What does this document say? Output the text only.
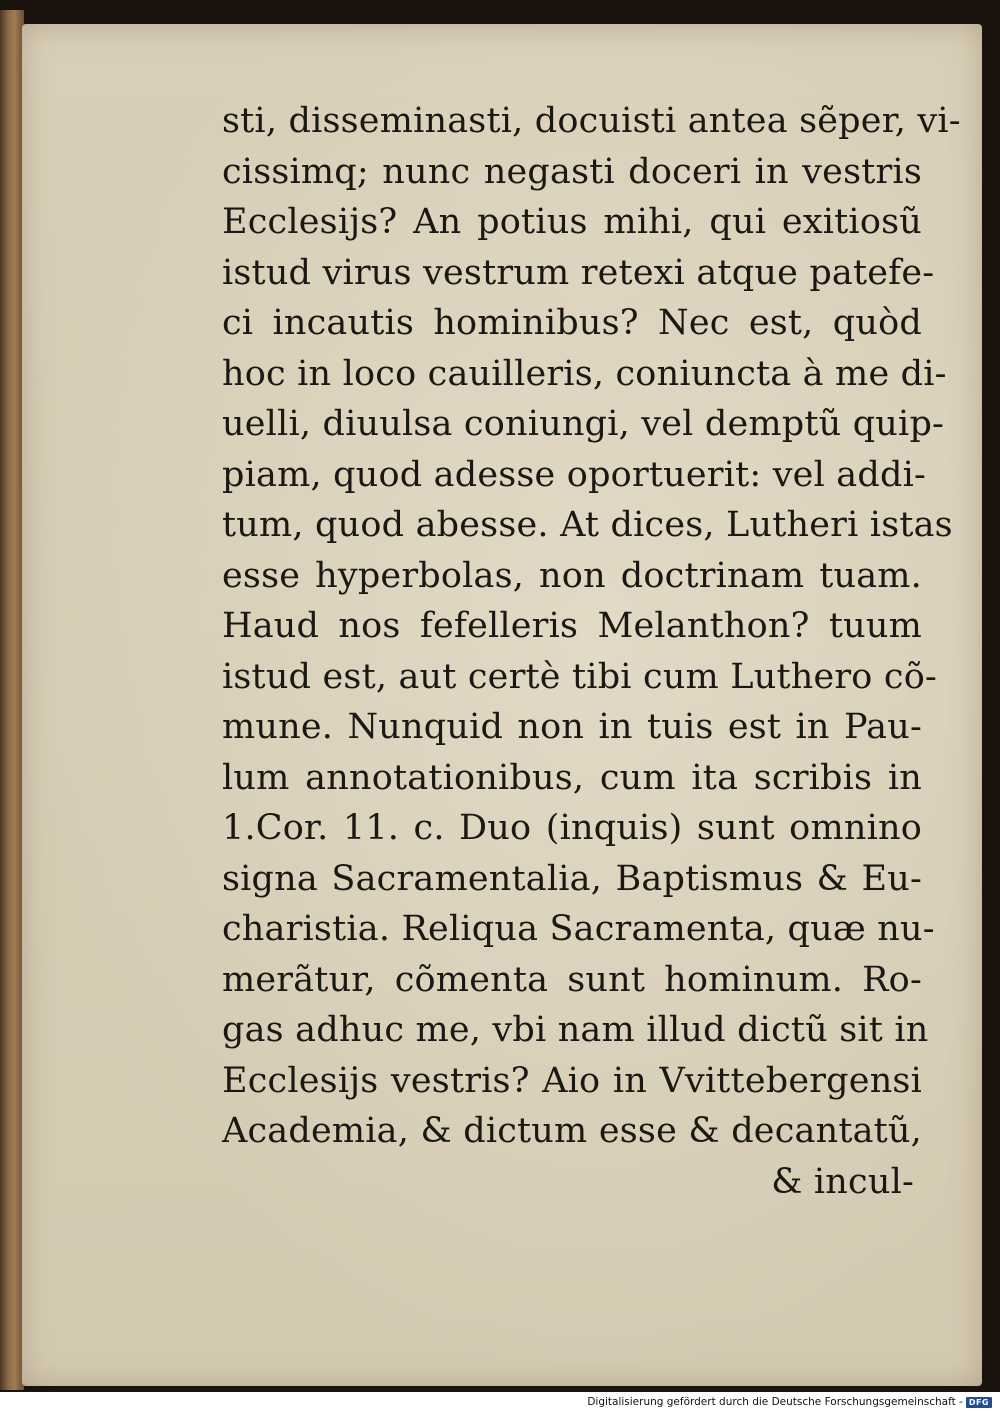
sti, disseminasti, docuisti antea sẽper, vi-
cissimq; nunc negasti doceri in vestris
Ecclesijs? An potius mihi, qui exitiosũ
istud virus vestrum retexi atque patefe-
ci incautis hominibus? Nec est, quòd
hoc in loco cauilleris, coniuncta à me di-
uelli, diuulsa coniungi, vel demptũ quip-
piam, quod adesse oportuerit: vel addi-
tum, quod abesse. At dices, Lutheri istas
esse hyperbolas, non doctrinam tuam.
Haud nos fefelleris Melanthon? tuum
istud est, aut certè tibi cum Luthero cõ-
mune. Nunquid non in tuis est in Pau-
lum annotationibus, cum ita scribis in
1.Cor. 11. c. Duo (inquis) sunt omnino
signa Sacramentalia, Baptismus & Eu-
charistia. Reliqua Sacramenta, quæ nu-
merãtur, cõmenta sunt hominum. Ro-
gas adhuc me, vbi nam illud dictũ sit in
Ecclesijs vestris? Aio in Vvittebergensi
Academia, & dictum esse & decantatũ,
& incul-
Digitalisierung gefördert durch die Deutsche Forschungsgemeinschaft - DFG
